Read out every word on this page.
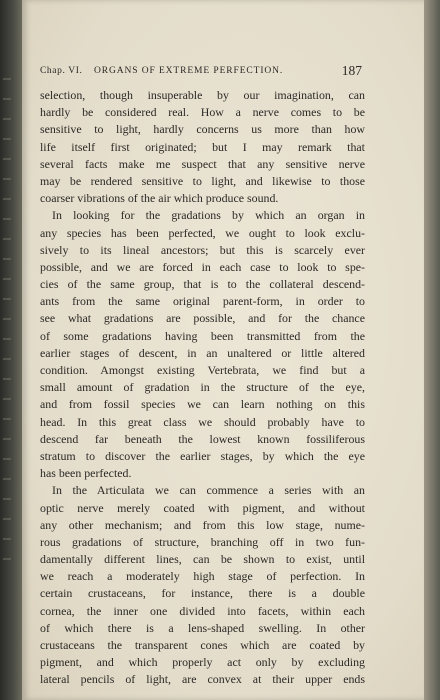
Chap. VI. ORGANS OF EXTREME PERFECTION.	187
selection, though insuperable by our imagination, can
hardly be considered real. How a nerve comes to be
sensitive to light, hardly concerns us more than how
life itself first originated; but I may remark that
several facts make me suspect that any sensitive nerve
may be rendered sensitive to light, and likewise to those
coarser vibrations of the air which produce sound.
In looking for the gradations by which an organ in
any species has been perfected, we ought to look exclu-
sively to its lineal ancestors; but this is scarcely ever
possible, and we are forced in each case to look to spe-
cies of the same group, that is to the collateral descend-
ants from the same original parent-form, in order to
see what gradations are possible, and for the chance
of some gradations having been transmitted from the
earlier stages of descent, in an unaltered or little altered
condition. Amongst existing Vertebrata, we find but a
small amount of gradation in the structure of the eye,
and from fossil species we can learn nothing on this
head. In this great class we should probably have to
descend far beneath the lowest known fossiliferous
stratum to discover the earlier stages, by which the eye
has been perfected.
In the Articulata we can commence a series with an
optic nerve merely coated with pigment, and without
any other mechanism; and from this low stage, nume-
rous gradations of structure, branching off in two fun-
damentally different lines, can be shown to exist, until
we reach a moderately high stage of perfection. In
certain crustaceans, for instance, there is a double
cornea, the inner one divided into facets, within each
of which there is a lens-shaped swelling. In other
crustaceans the transparent cones which are coated by
pigment, and which properly act only by excluding
lateral pencils of light, are convex at their upper ends
